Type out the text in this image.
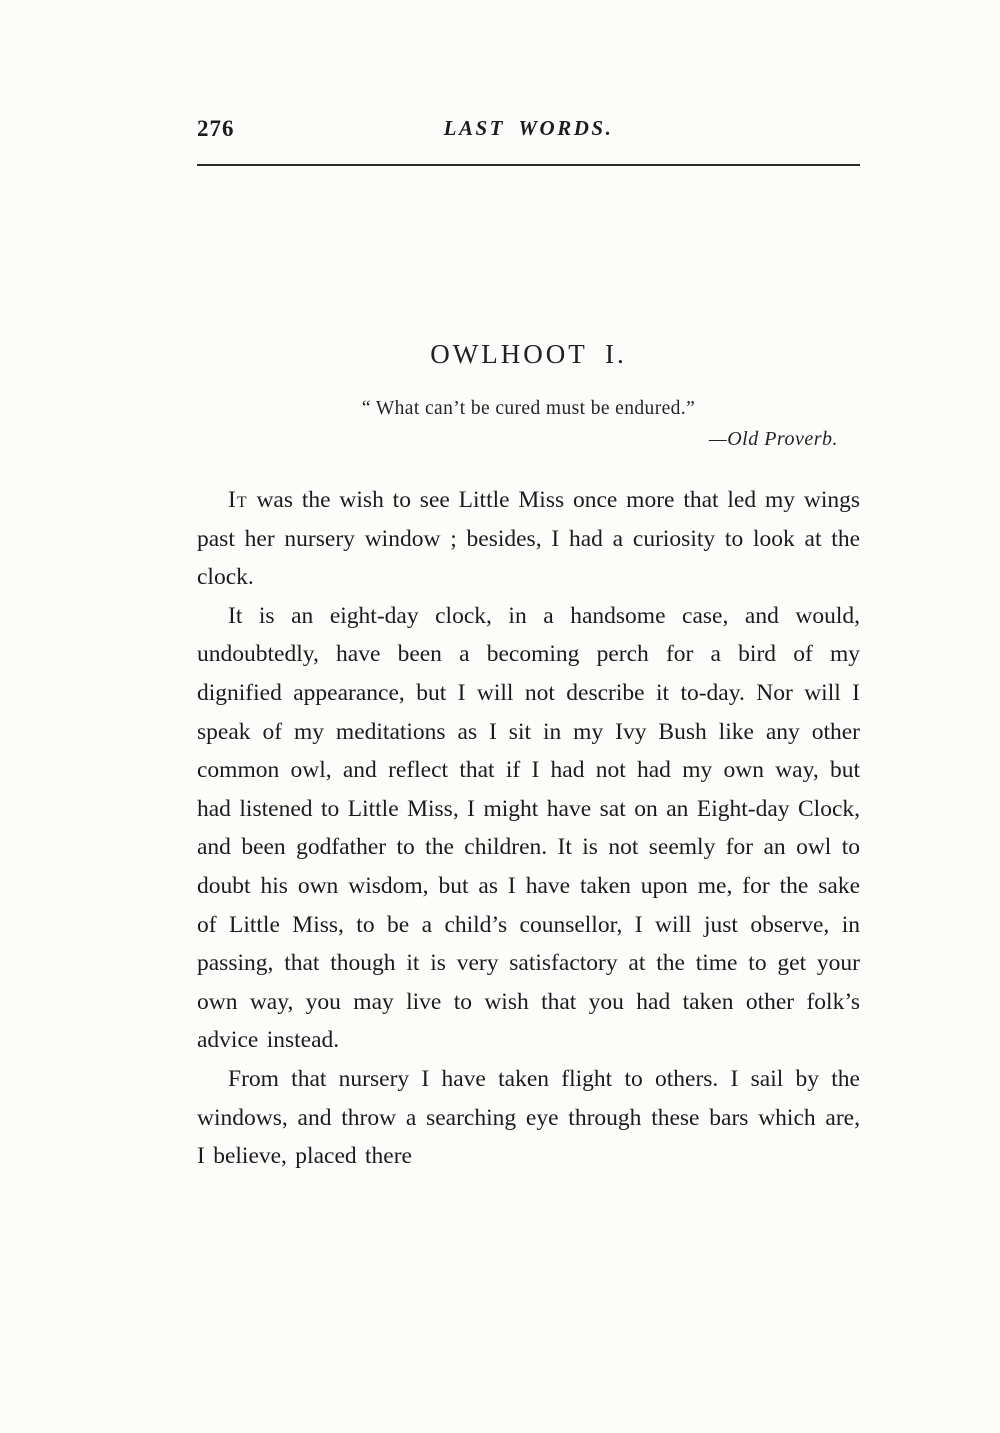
276	LAST WORDS.
OWLHOOT I.
“ What can’t be cured must be endured.”
—Old Proverb.

It was the wish to see Little Miss once more that led my wings past her nursery window ; besides, I had a curiosity to look at the clock.

It is an eight-day clock, in a handsome case, and would, undoubtedly, have been a becoming perch for a bird of my dignified appearance, but I will not describe it to-day. Nor will I speak of my meditations as I sit in my Ivy Bush like any other common owl, and reflect that if I had not had my own way, but had listened to Little Miss, I might have sat on an Eight-day Clock, and been godfather to the children. It is not seemly for an owl to doubt his own wisdom, but as I have taken upon me, for the sake of Little Miss, to be a child’s counsellor, I will just observe, in passing, that though it is very satisfactory at the time to get your own way, you may live to wish that you had taken other folk’s advice instead.

From that nursery I have taken flight to others. I sail by the windows, and throw a searching eye through these bars which are, I believe, placed there
